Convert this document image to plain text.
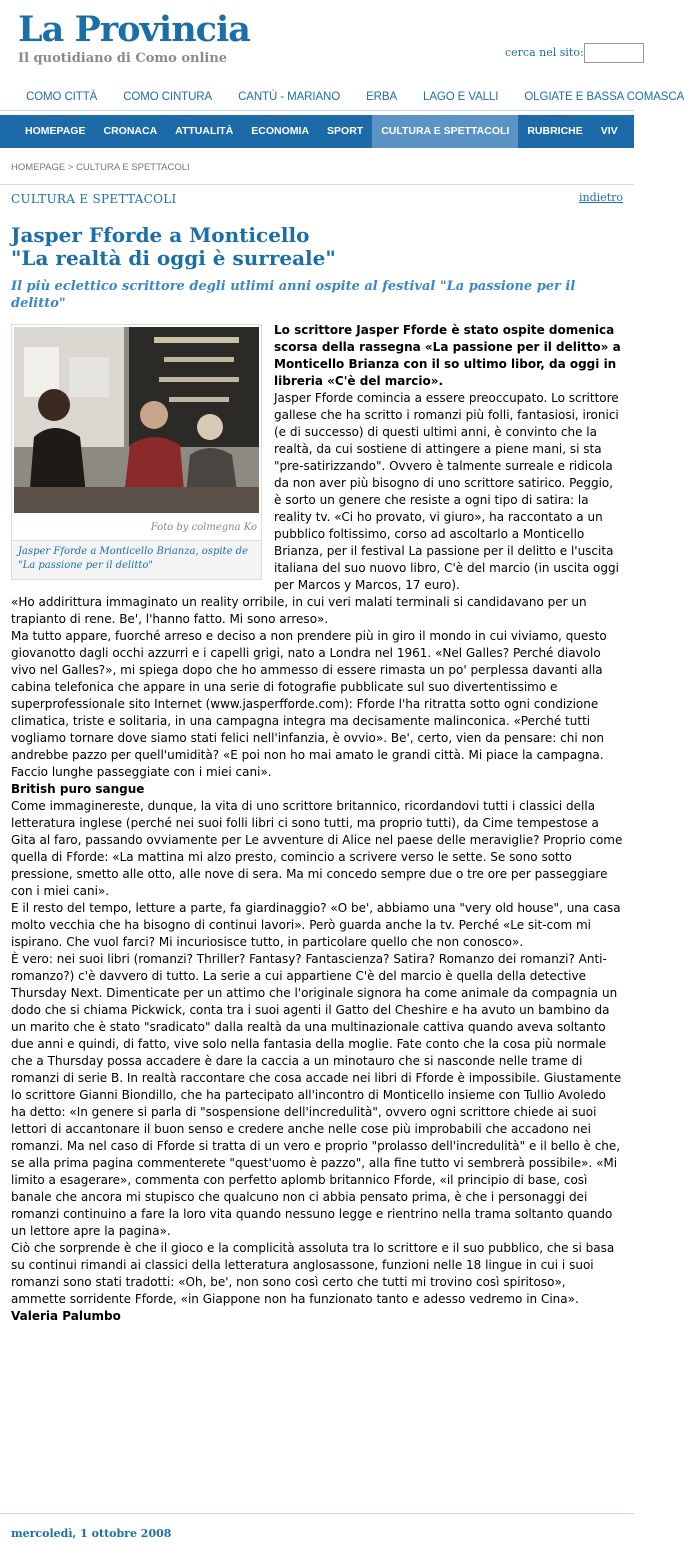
La Provincia
Il quotidiano di Como online	cerca nel sito:
COMO CITTÀ COMO CINTURA CANTÙ - MARIANO ERBA LAGO E VALLI OLGIATE E BASSA COMASCA
HOMEPAGE CRONACA ATTUALITÀ ECONOMIA SPORT CULTURA E SPETTACOLI RUBRICHE VIV
HOMEPAGE > CULTURA E SPETTACOLI
CULTURA E SPETTACOLI	indietro
Jasper Fforde a Monticello
"La realtà di oggi è surreale"
Il più eclettico scrittore degli utlimi anni ospite al festival "La passione per il delitto"
Foto by colmegna Ko
Jasper Fforde a Monticello Brianza, ospite de "La passione per il delitto"

Lo scrittore Jasper Fforde è stato ospite domenica scorsa della rassegna «La passione per il delitto» a Monticello Brianza con il so ultimo libor, da oggi in libreria «C'è del marcio».

Jasper Fforde comincia a essere preoccupato. Lo scrittore gallese che ha scritto i romanzi più folli, fantasiosi, ironici (e di successo) di questi ultimi anni, è convinto che la realtà, da cui sostiene di attingere a piene mani, si sta "pre-satirizzando". Ovvero è talmente surreale e ridicola da non aver più bisogno di uno scrittore satirico. Peggio, è sorto un genere che resiste a ogni tipo di satira: la reality tv. «Ci ho provato, vi giuro», ha raccontato a un pubblico foltissimo, corso ad ascoltarlo a Monticello Brianza, per il festival La passione per il delitto e l'uscita italiana del suo nuovo libro, C'è del marcio (in uscita oggi per Marcos y Marcos, 17 euro).

«Ho addirittura immaginato un reality orribile, in cui veri malati terminali si candidavano per un trapianto di rene. Be', l'hanno fatto. Mi sono arreso».

Ma tutto appare, fuorché arreso e deciso a non prendere più in giro il mondo in cui viviamo, questo giovanotto dagli occhi azzurri e i capelli grigi, nato a Londra nel 1961. «Nel Galles? Perché diavolo vivo nel Galles?», mi spiega dopo che ho ammesso di essere rimasta un po' perplessa davanti alla cabina telefonica che appare in una serie di fotografie pubblicate sul suo divertentissimo e superprofessionale sito Internet (www.jasperfforde.com): Fforde l'ha ritratta sotto ogni condizione climatica, triste e solitaria, in una campagna integra ma decisamente malinconica. «Perché tutti vogliamo tornare dove siamo stati felici nell'infanzia, è ovvio». Be', certo, vien da pensare: chi non andrebbe pazzo per quell'umidità? «E poi non ho mai amato le grandi città. Mi piace la campagna. Faccio lunghe passeggiate con i miei cani».

British puro sangue

Come immaginereste, dunque, la vita di uno scrittore britannico, ricordandovi tutti i classici della letteratura inglese (perché nei suoi folli libri ci sono tutti, ma proprio tutti), da Cime tempestose a Gita al faro, passando ovviamente per Le avventure di Alice nel paese delle meraviglie? Proprio come quella di Fforde: «La mattina mi alzo presto, comincio a scrivere verso le sette. Se sono sotto pressione, smetto alle otto, alle nove di sera. Ma mi concedo sempre due o tre ore per passeggiare con i miei cani».

E il resto del tempo, letture a parte, fa giardinaggio? «O be', abbiamo una "very old house", una casa molto vecchia che ha bisogno di continui lavori». Però guarda anche la tv. Perché «Le sit-com mi ispirano. Che vuol farci? Mi incuriosisce tutto, in particolare quello che non conosco».

È vero: nei suoi libri (romanzi? Thriller? Fantasy? Fantascienza? Satira? Romanzo dei romanzi? Anti-romanzo?) c'è davvero di tutto. La serie a cui appartiene C'è del marcio è quella della detective Thursday Next. Dimenticate per un attimo che l'originale signora ha come animale da compagnia un dodo che si chiama Pickwick, conta tra i suoi agenti il Gatto del Cheshire e ha avuto un bambino da un marito che è stato "sradicato" dalla realtà da una multinazionale cattiva quando aveva soltanto due anni e quindi, di fatto, vive solo nella fantasia della moglie. Fate conto che la cosa più normale che a Thursday possa accadere è dare la caccia a un minotauro che si nasconde nelle trame di romanzi di serie B. In realtà raccontare che cosa accade nei libri di Fforde è impossibile. Giustamente lo scrittore Gianni Biondillo, che ha partecipato all'incontro di Monticello insieme con Tullio Avoledo ha detto: «In genere si parla di "sospensione dell'incredulità", ovvero ogni scrittore chiede ai suoi lettori di accantonare il buon senso e credere anche nelle cose più improbabili che accadono nei romanzi. Ma nel caso di Fforde si tratta di un vero e proprio "prolasso dell'incredulità" e il bello è che, se alla prima pagina commenterete "quest'uomo è pazzo", alla fine tutto vi sembrerà possibile». «Mi limito a esagerare», commenta con perfetto aplomb britannico Fforde, «il principio di base, così banale che ancora mi stupisco che qualcuno non ci abbia pensato prima, è che i personaggi dei romanzi continuino a fare la loro vita quando nessuno legge e rientrino nella trama soltanto quando un lettore apre la pagina».

Ciò che sorprende è che il gioco e la complicità assoluta tra lo scrittore e il suo pubblico, che si basa su continui rimandi ai classici della letteratura anglosassone, funzioni nelle 18 lingue in cui i suoi romanzi sono stati tradotti: «Oh, be', non sono così certo che tutti mi trovino così spiritoso», ammette sorridente Fforde, «in Giappone non ha funzionato tanto e adesso vedremo in Cina».

Valeria Palumbo

mercoledì, 1 ottobre 2008
